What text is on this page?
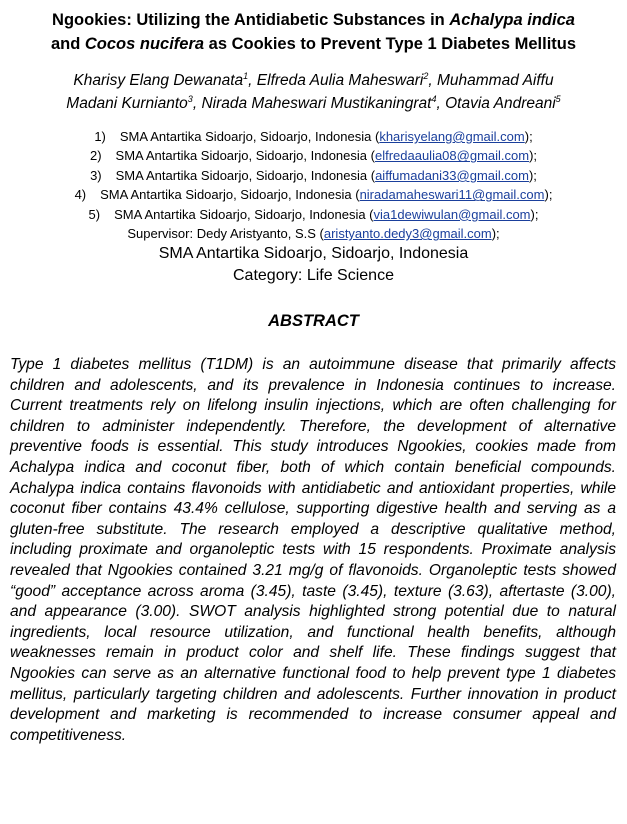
Ngookies: Utilizing the Antidiabetic Substances in Achalypa indica
and Cocos nucifera as Cookies to Prevent Type 1 Diabetes Mellitus
Kharisy Elang Dewanata$^1$, Elfreda Aulia Maheswari$^2$, Muhammad Aiffu
Madani Kurnianto$^3$, Nirada Maheswari Mustikaningrat$^4$, Otavia Andreani$^5$
1) SMA Antartika Sidoarjo, Sidoarjo, Indonesia (kharisyelang@gmail.com);
2) SMA Antartika Sidoarjo, Sidoarjo, Indonesia (elfredaaulia08@gmail.com);
3) SMA Antartika Sidoarjo, Sidoarjo, Indonesia (aiffumadani33@gmail.com);
4) SMA Antartika Sidoarjo, Sidoarjo, Indonesia (niradamaheswari11@gmail.com);
5) SMA Antartika Sidoarjo, Sidoarjo, Indonesia (via1dewiwulan@gmail.com);
Supervisor: Dedy Aristyanto, S.S (aristyanto.dedy3@gmail.com);
SMA Antartika Sidoarjo, Sidoarjo, Indonesia
Category: Life Science
ABSTRACT
Type 1 diabetes mellitus (T1DM) is an autoimmune disease that primarily affects children and adolescents, and its prevalence in Indonesia continues to increase. Current treatments rely on lifelong insulin injections, which are often challenging for children to administer independently. Therefore, the development of alternative preventive foods is essential. This study introduces Ngookies, cookies made from Achalypa indica and coconut fiber, both of which contain beneficial compounds. Achalypa indica contains flavonoids with antidiabetic and antioxidant properties, while coconut fiber contains 43.4% cellulose, supporting digestive health and serving as a gluten-free substitute. The research employed a descriptive qualitative method, including proximate and organoleptic tests with 15 respondents. Proximate analysis revealed that Ngookies contained 3.21 mg/g of flavonoids. Organoleptic tests showed “good” acceptance across aroma (3.45), taste (3.45), texture (3.63), aftertaste (3.00), and appearance (3.00). SWOT analysis highlighted strong potential due to natural ingredients, local resource utilization, and functional health benefits, although weaknesses remain in product color and shelf life. These findings suggest that Ngookies can serve as an alternative functional food to help prevent type 1 diabetes mellitus, particularly targeting children and adolescents. Further innovation in product development and marketing is recommended to increase consumer appeal and competitiveness.
